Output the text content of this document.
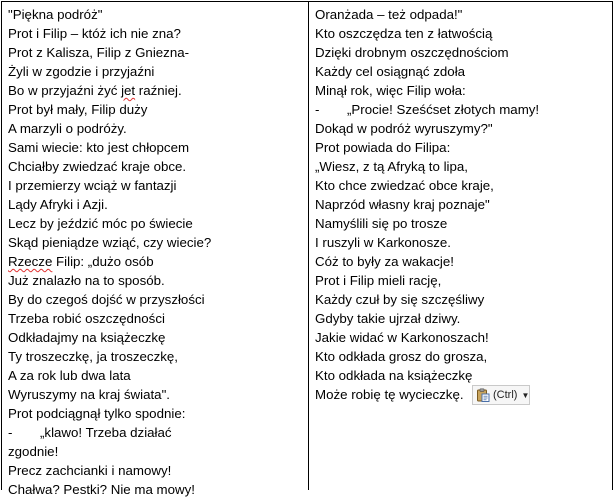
"Piękna podróż"
Prot i Filip – któż ich nie zna?
Prot z Kalisza, Filip z Gniezna-
Żyli w zgodzie i przyjaźni
Bo w przyjaźni żyć jet raźniej.
Prot był mały, Filip duży
A marzyli o podróży.
Sami wiecie: kto jest chłopcem
Chciałby zwiedzać kraje obce.
I przemierzy wciąż w fantazji
Lądy Afryki i Azji.
Lecz by jeździć móc po świecie
Skąd pieniądze wziąć, czy wiecie?
Rzecze Filip: „dużo osób
Już znalazło na to sposób.
By do czegoś dojść w przyszłości
Trzeba robić oszczędności
Odkładajmy na książeczkę
Ty troszeczkę, ja troszeczkę,
A za rok lub dwa lata
Wyruszymy na kraj świata".
Prot podciągnął tylko spodnie:
- „klawo! Trzeba działać
zgodnie!
Precz zachcianki i namowy!
Chałwa? Pestki? Nie ma mowy!
Oranżada – też odpada!"
Kto oszczędza ten z łatwością
Dzięki drobnym oszczędnościom
Każdy cel osiągnąć zdoła
Minął rok, więc Filip woła:
- „Procie! Sześćset złotych mamy!
Dokąd w podróż wyruszymy?"
Prot powiada do Filipa:
„Wiesz, z tą Afryką to lipa,
Kto chce zwiedzać obce kraje,
Naprzód własny kraj poznaje"
Namyślili się po trosze
I ruszyli w Karkonosze.
Cóż to były za wakacje!
Prot i Filip mieli rację,
Każdy czuł by się szczęśliwy
Gdyby takie ujrzał dziwy.
Jakie widać w Karkonoszach!
Kto odkłada grosz do grosza,
Kto odkłada na książeczkę
Może robię tę wycieczkę.	(Ctrl) ▼
